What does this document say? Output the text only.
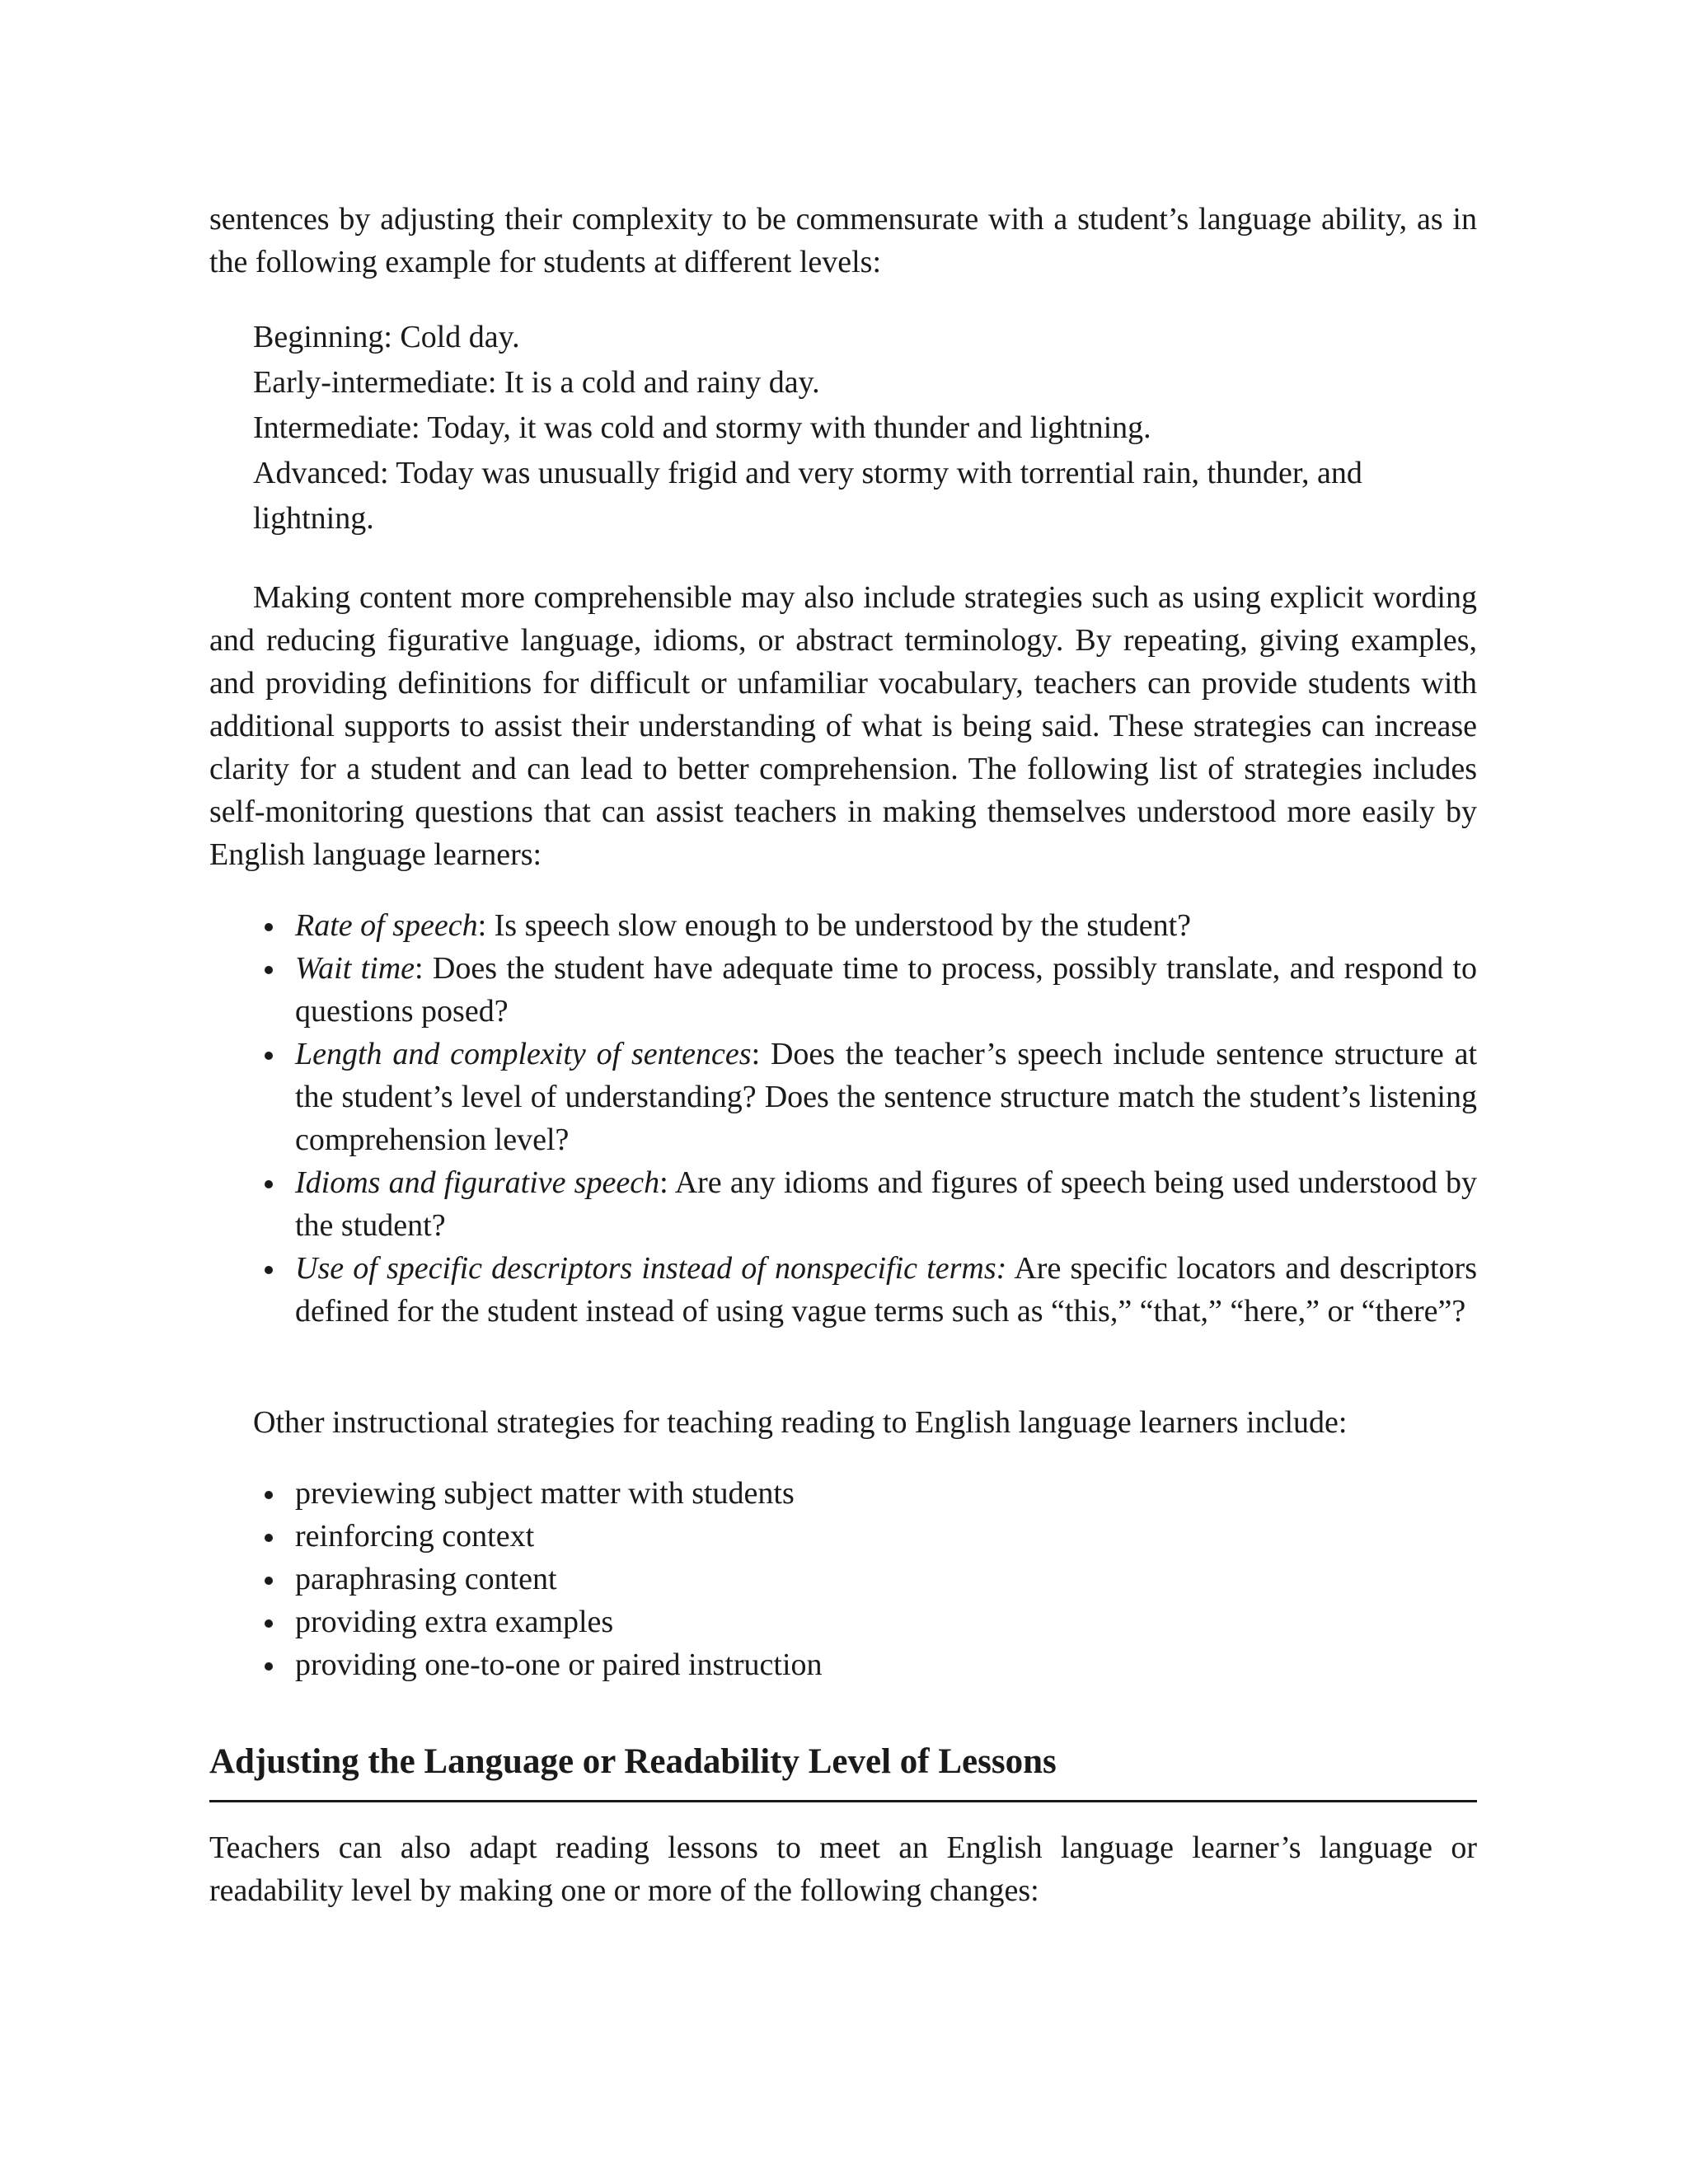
sentences by adjusting their complexity to be commensurate with a student’s language ability, as in the following example for students at different levels:

Beginning: Cold day.
Early-intermediate: It is a cold and rainy day.
Intermediate: Today, it was cold and stormy with thunder and lightning.
Advanced: Today was unusually frigid and very stormy with torrential rain, thunder, and lightning.

Making content more comprehensible may also include strategies such as using explicit wording and reducing figurative language, idioms, or abstract terminology. By repeating, giving examples, and providing definitions for difficult or unfamiliar vocabulary, teachers can provide students with additional supports to assist their understanding of what is being said. These strategies can increase clarity for a student and can lead to better comprehension. The following list of strategies includes self-monitoring questions that can assist teachers in making themselves understood more easily by English language learners:

Rate of speech: Is speech slow enough to be understood by the student?
Wait time: Does the student have adequate time to process, possibly translate, and respond to questions posed?
Length and complexity of sentences: Does the teacher’s speech include sentence structure at the student’s level of understanding? Does the sentence structure match the student’s listening comprehension level?
Idioms and figurative speech: Are any idioms and figures of speech being used understood by the student?
Use of specific descriptors instead of nonspecific terms: Are specific locators and descriptors defined for the student instead of using vague terms such as “this,” “that,” “here,” or “there”?

Other instructional strategies for teaching reading to English language learners include:

previewing subject matter with students
reinforcing context
paraphrasing content
providing extra examples
providing one-to-one or paired instruction
Adjusting the Language or Readability Level of Lessons

Teachers can also adapt reading lessons to meet an English language learner’s language or readability level by making one or more of the following changes:
